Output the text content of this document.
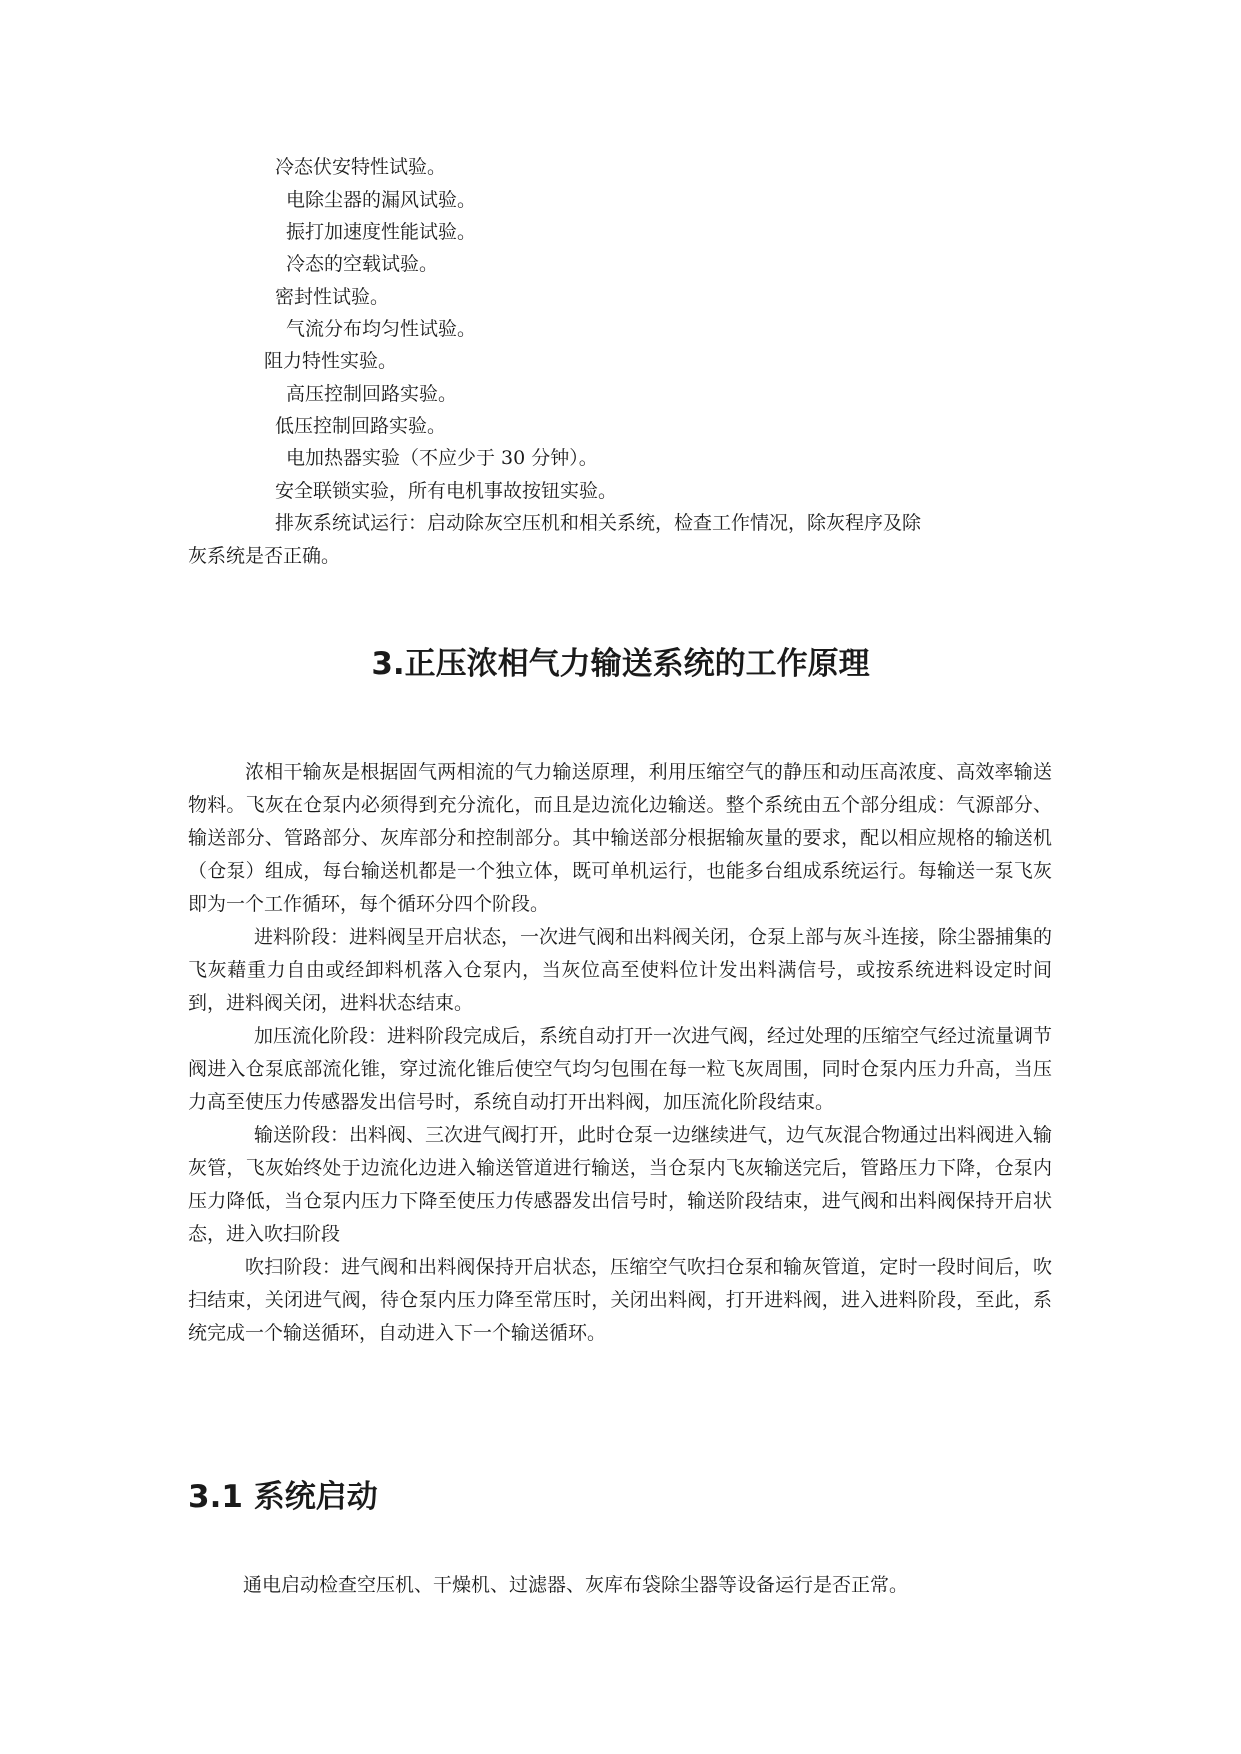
冷态伏安特性试验。
电除尘器的漏风试验。
振打加速度性能试验。
冷态的空载试验。
密封性试验。
气流分布均匀性试验。
阻力特性实验。
高压控制回路实验。
低压控制回路实验。
电加热器实验（不应少于 30 分钟）。
安全联锁实验，所有电机事故按钮实验。
排灰系统试运行：启动除灰空压机和相关系统，检查工作情况，除灰程序及除
灰系统是否正确。
3.正压浓相气力输送系统的工作原理

浓相干输灰是根据固气两相流的气力输送原理，利用压缩空气的静压和动压高浓度、高效率输送物料。飞灰在仓泵内必须得到充分流化，而且是边流化边输送。整个系统由五个部分组成：气源部分、输送部分、管路部分、灰库部分和控制部分。其中输送部分根据输灰量的要求，配以相应规格的输送机（仓泵）组成，每台输送机都是一个独立体，既可单机运行，也能多台组成系统运行。每输送一泵飞灰即为一个工作循环，每个循环分四个阶段。

进料阶段：进料阀呈开启状态，一次进气阀和出料阀关闭，仓泵上部与灰斗连接，除尘器捕集的飞灰藉重力自由或经卸料机落入仓泵内，当灰位高至使料位计发出料满信号，或按系统进料设定时间到，进料阀关闭，进料状态结束。

加压流化阶段：进料阶段完成后，系统自动打开一次进气阀，经过处理的压缩空气经过流量调节阀进入仓泵底部流化锥，穿过流化锥后使空气均匀包围在每一粒飞灰周围，同时仓泵内压力升高，当压力高至使压力传感器发出信号时，系统自动打开出料阀，加压流化阶段结束。

输送阶段：出料阀、三次进气阀打开，此时仓泵一边继续进气，边气灰混合物通过出料阀进入输灰管，飞灰始终处于边流化边进入输送管道进行输送，当仓泵内飞灰输送完后，管路压力下降，仓泵内压力降低，当仓泵内压力下降至使压力传感器发出信号时，输送阶段结束，进气阀和出料阀保持开启状态，进入吹扫阶段

吹扫阶段：进气阀和出料阀保持开启状态，压缩空气吹扫仓泵和输灰管道，定时一段时间后，吹扫结束，关闭进气阀，待仓泵内压力降至常压时，关闭出料阀，打开进料阀，进入进料阶段，至此，系统完成一个输送循环，自动进入下一个输送循环。

3.1 系统启动
通电启动检查空压机、干燥机、过滤器、灰库布袋除尘器等设备运行是否正常。
